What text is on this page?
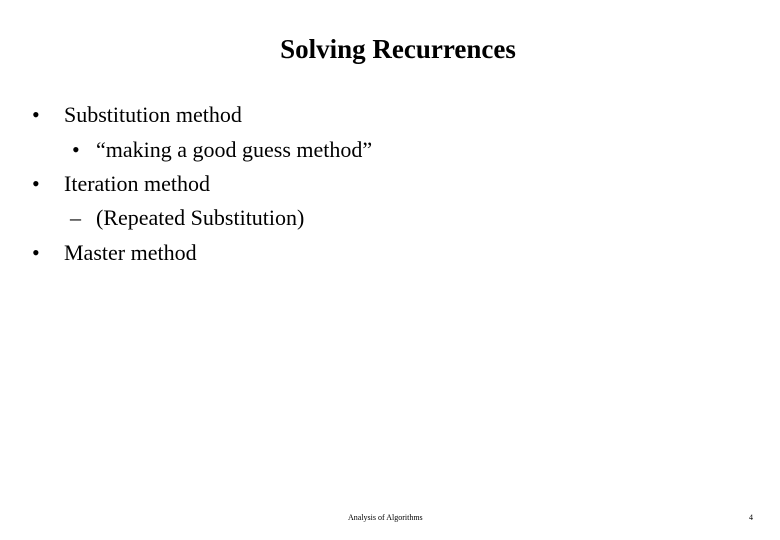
Solving Recurrences
• Substitution method
• “making a good guess method”
• Iteration method
– (Repeated Substitution)
• Master method
Analysis of Algorithms	4
